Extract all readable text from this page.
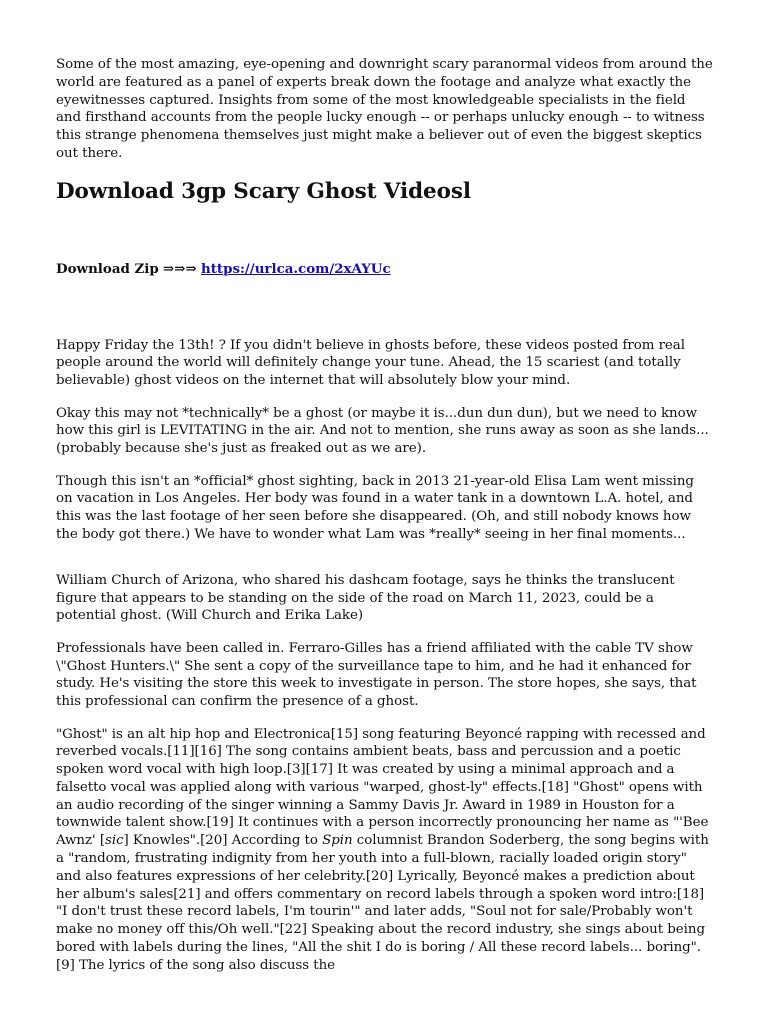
Some of the most amazing, eye-opening and downright scary paranormal videos from around the world are featured as a panel of experts break down the footage and analyze what exactly the eyewitnesses captured. Insights from some of the most knowledgeable specialists in the field and firsthand accounts from the people lucky enough -- or perhaps unlucky enough -- to witness this strange phenomena themselves just might make a believer out of even the biggest skeptics out there.

Download 3gp Scary Ghost Videosl
Download Zip ⇒⇒⇒ https://urlca.com/2xAYUc

Happy Friday the 13th! ? If you didn't believe in ghosts before, these videos posted from real people around the world will definitely change your tune. Ahead, the 15 scariest (and totally believable) ghost videos on the internet that will absolutely blow your mind.

Okay this may not *technically* be a ghost (or maybe it is...dun dun dun), but we need to know how this girl is LEVITATING in the air. And not to mention, she runs away as soon as she lands...(probably because she's just as freaked out as we are).

Though this isn't an *official* ghost sighting, back in 2013 21-year-old Elisa Lam went missing on vacation in Los Angeles. Her body was found in a water tank in a downtown L.A. hotel, and this was the last footage of her seen before she disappeared. (Oh, and still nobody knows how the body got there.) We have to wonder what Lam was *really* seeing in her final moments...

William Church of Arizona, who shared his dashcam footage, says he thinks the translucent figure that appears to be standing on the side of the road on March 11, 2023, could be a potential ghost. (Will Church and Erika Lake)

Professionals have been called in. Ferraro-Gilles has a friend affiliated with the cable TV show \"Ghost Hunters.\" She sent a copy of the surveillance tape to him, and he had it enhanced for study. He's visiting the store this week to investigate in person. The store hopes, she says, that this professional can confirm the presence of a ghost.

"Ghost" is an alt hip hop and Electronica[15] song featuring Beyoncé rapping with recessed and reverbed vocals.[11][16] The song contains ambient beats, bass and percussion and a poetic spoken word vocal with high loop.[3][17] It was created by using a minimal approach and a falsetto vocal was applied along with various "warped, ghost-ly" effects.[18] "Ghost" opens with an audio recording of the singer winning a Sammy Davis Jr. Award in 1989 in Houston for a townwide talent show.[19] It continues with a person incorrectly pronouncing her name as "'Bee Awnz' [sic] Knowles".[20] According to Spin columnist Brandon Soderberg, the song begins with a "random, frustrating indignity from her youth into a full-blown, racially loaded origin story" and also features expressions of her celebrity.[20] Lyrically, Beyoncé makes a prediction about her album's sales[21] and offers commentary on record labels through a spoken word intro:[18] "I don't trust these record labels, I'm tourin'" and later adds, "Soul not for sale/Probably won't make no money off this/Oh well."[22] Speaking about the record industry, she sings about being bored with labels during the lines, "All the shit I do is boring / All these record labels... boring".[9] The lyrics of the song also discuss the
